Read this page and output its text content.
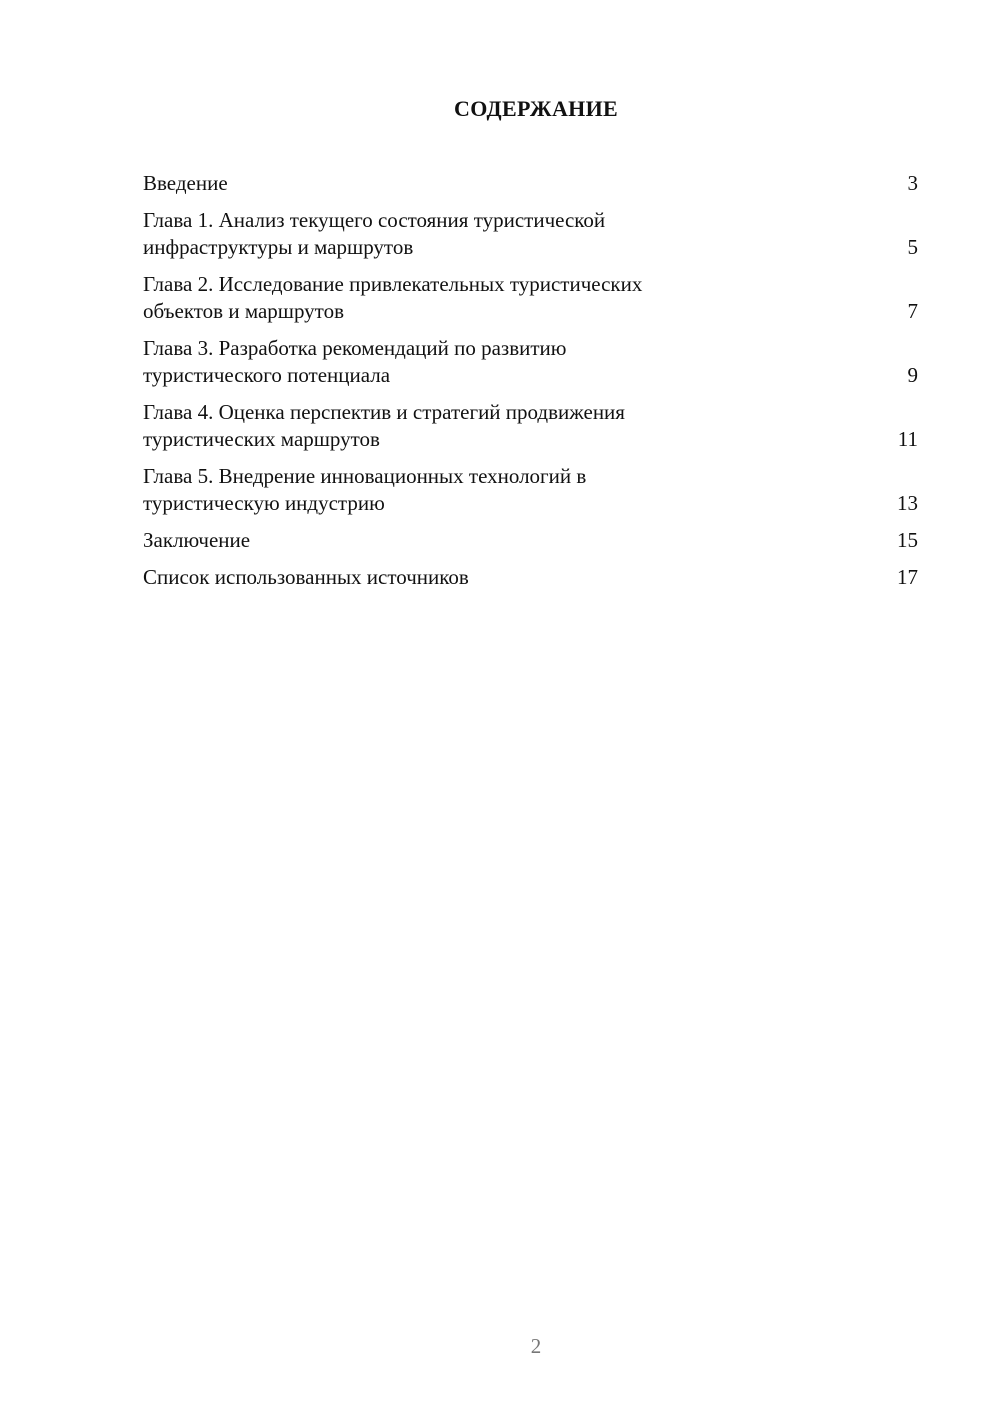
СОДЕРЖАНИЕ
Введение	3
Глава 1. Анализ текущего состояния туристической
инфраструктуры и маршрутов	5
Глава 2. Исследование привлекательных туристических
объектов и маршрутов	7
Глава 3. Разработка рекомендаций по развитию
туристического потенциала	9
Глава 4. Оценка перспектив и стратегий продвижения
туристических маршрутов	11
Глава 5. Внедрение инновационных технологий в
туристическую индустрию	13
Заключение	15
Список использованных источников	17
2
